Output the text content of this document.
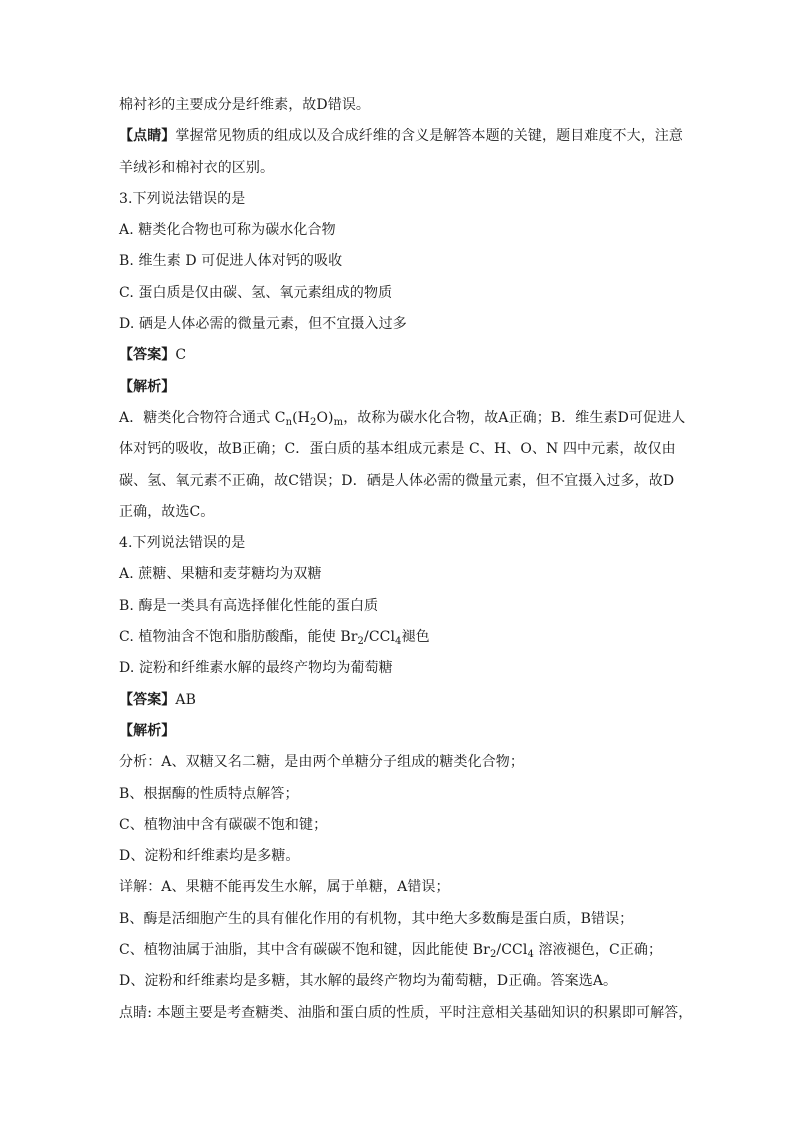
棉衬衫的主要成分是纤维素，故D错误。
【点睛】掌握常见物质的组成以及合成纤维的含义是解答本题的关键，题目难度不大，注意
羊绒衫和棉衬衣的区别。
3.下列说法错误的是
A. 糖类化合物也可称为碳水化合物
B. 维生素 D 可促进人体对钙的吸收
C. 蛋白质是仅由碳、氢、氧元素组成的物质
D. 硒是人体必需的微量元素，但不宜摄入过多
【答案】C
【解析】
A．糖类化合物符合通式 $C_n(H_2O)_m$，故称为碳水化合物，故A正确；B．维生素D可促进人
体对钙的吸收，故B正确；C．蛋白质的基本组成元素是 C、H、O、N 四中元素，故仅由
碳、氢、氧元素不正确，故C错误；D．硒是人体必需的微量元素，但不宜摄入过多，故D
正确，故选C。
4.下列说法错误的是
A. 蔗糖、果糖和麦芽糖均为双糖
B. 酶是一类具有高选择催化性能的蛋白质
C. 植物油含不饱和脂肪酸酯，能使 $Br_2/CCl_4$褪色
D. 淀粉和纤维素水解的最终产物均为葡萄糖
【答案】AB
【解析】
分析：A、双糖又名二糖，是由两个单糖分子组成的糖类化合物；
B、根据酶的性质特点解答；
C、植物油中含有碳碳不饱和键；
D、淀粉和纤维素均是多糖。
详解：A、果糖不能再发生水解，属于单糖，A错误；
B、酶是活细胞产生的具有催化作用的有机物，其中绝大多数酶是蛋白质，B错误；
C、植物油属于油脂，其中含有碳碳不饱和键，因此能使 $Br_2/CCl_4$ 溶液褪色，C正确；
D、淀粉和纤维素均是多糖，其水解的最终产物均为葡萄糖，D正确。答案选A。
点睛: 本题主要是考查糖类、油脂和蛋白质的性质，平时注意相关基础知识的积累即可解答，
